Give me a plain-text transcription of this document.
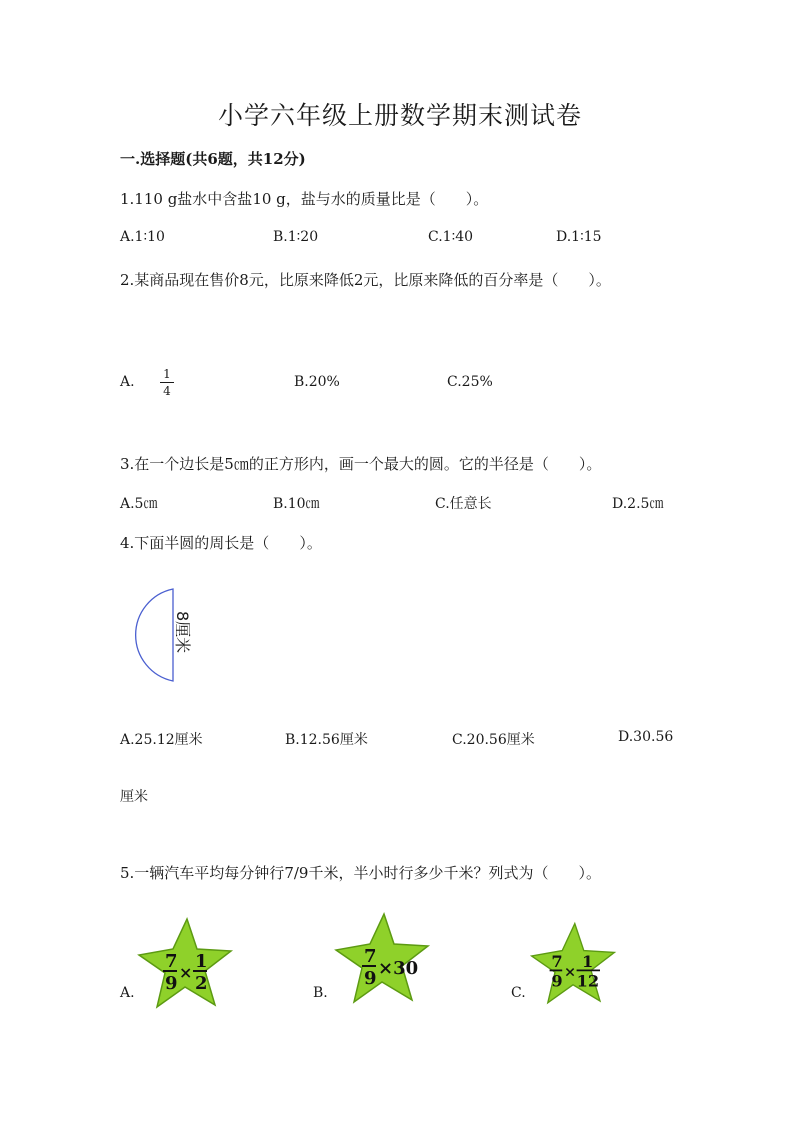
小学六年级上册数学期末测试卷
一.选择题(共6题，共12分)
1.110 g盐水中含盐10 g，盐与水的质量比是（　　）。
A.1∶10	B.1∶20	C.1∶40	D.1∶15
2.某商品现在售价8元，比原来降低2元，比原来降低的百分率是（　　）。
A. 1
4
B.20%	C.25%
3.在一个边长是5㎝的正方形内，画一个最大的圆。它的半径是（　　）。
A.5㎝	B.10㎝	C.任意长	D.2.5㎝
4.下面半圆的周长是（　　）。
8厘米
A.25.12厘米	B.12.56厘米	C.20.56厘米	D.30.56
厘米
5.一辆汽车平均每分钟行7/9千米，半小时行多少千米？列式为（　　）。
A.
7
9
×
1
2	B.
7
9 ×30
C.
7
9 ×
1
12
